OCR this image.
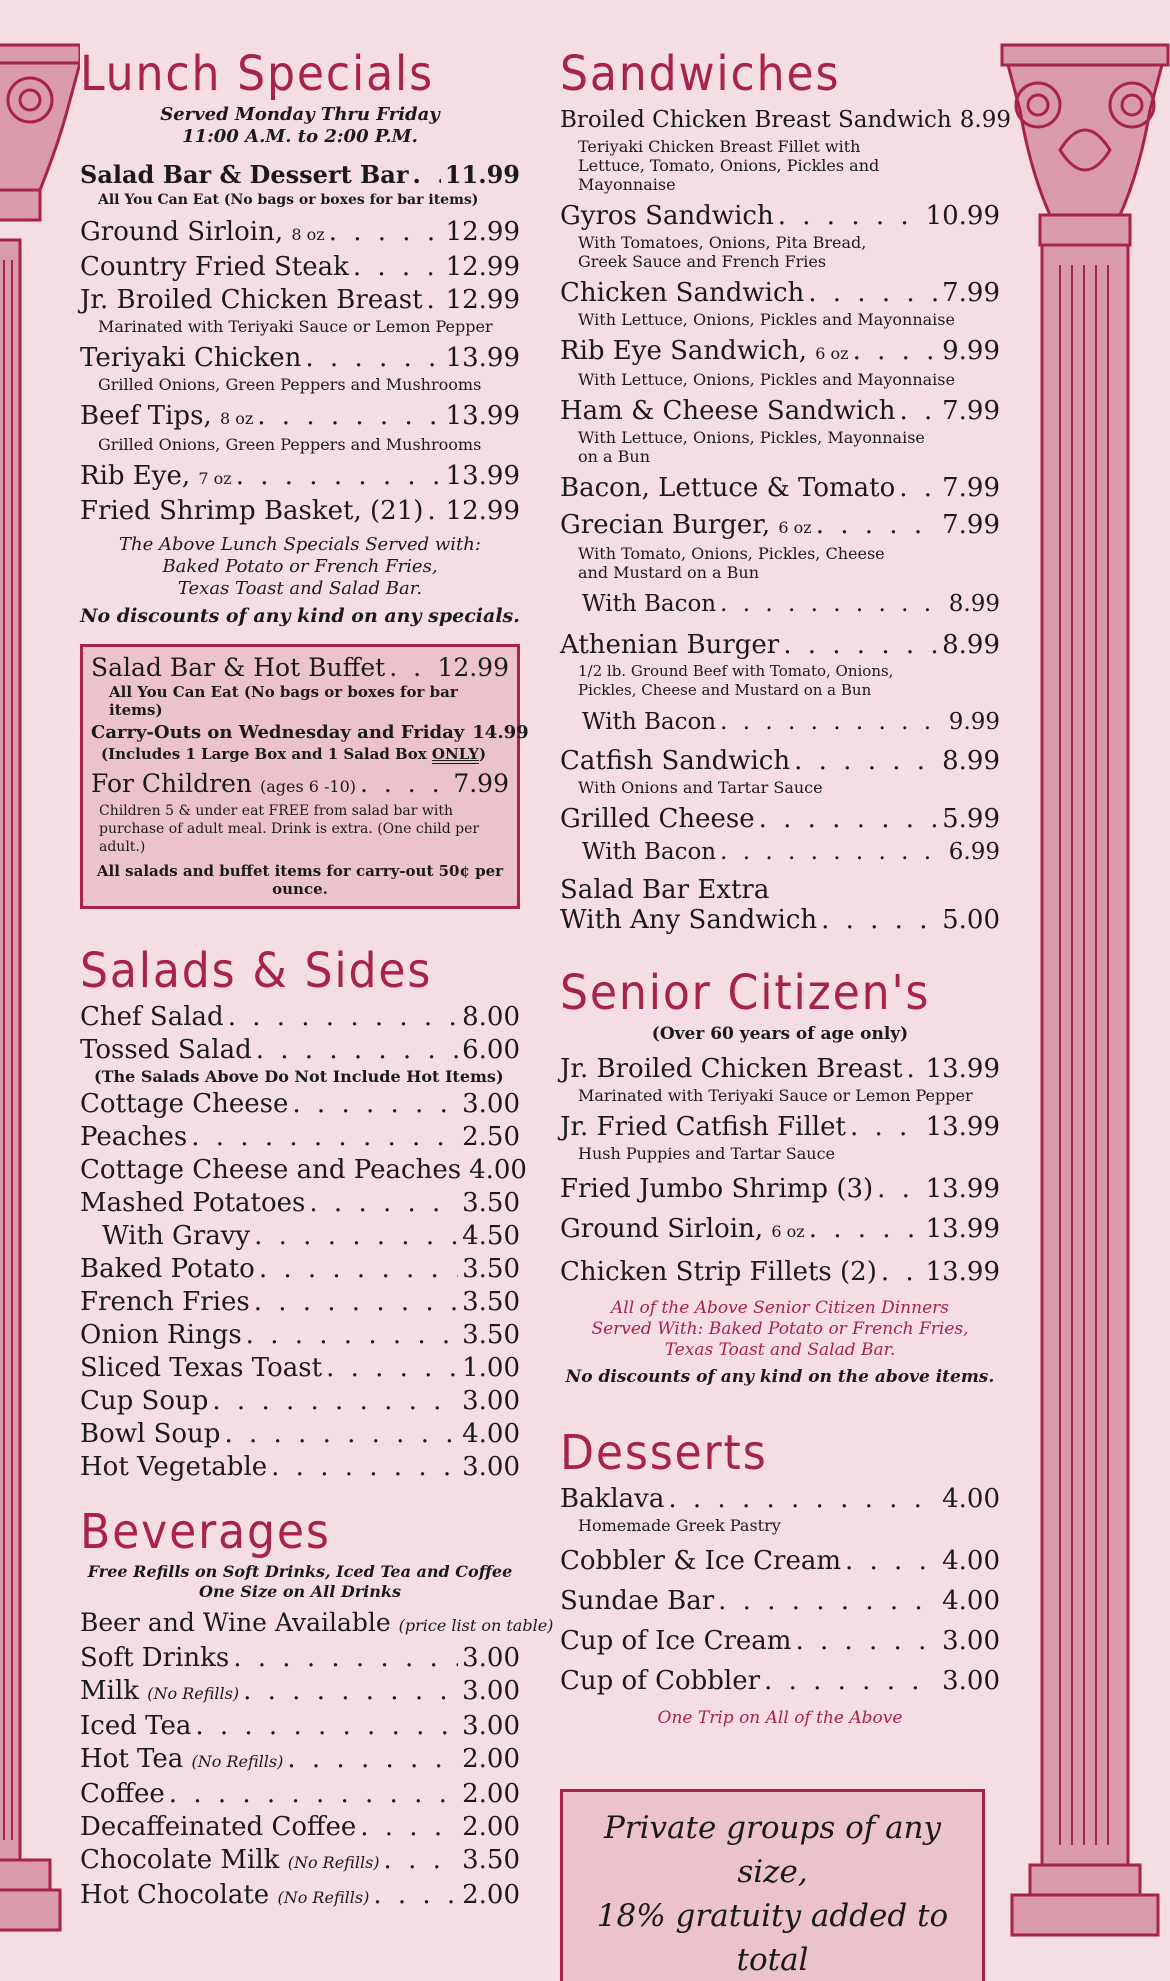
Lunch Specials
Served Monday Thru Friday
11:00 A.M. to 2:00 P.M.
Salad Bar & Dessert Bar . . . 11.99
All You Can Eat (No bags or boxes for bar items)
Ground Sirloin, 8 oz . . .	12.99
Country Fried Steak . . .	12.99
Jr. Broiled Chicken Breast . . . 12.99
Marinated with Teriyaki Sauce or Lemon Pepper
Teriyaki Chicken . . .	13.99
Grilled Onions, Green Peppers and Mushrooms
Beef Tips, 8 oz . . .	13.99
Grilled Onions, Green Peppers and Mushrooms
Rib Eye, 7 oz . . .	13.99
Fried Shrimp Basket, (21) . . . 12.99
The Above Lunch Specials Served with:
Baked Potato or French Fries,
Texas Toast and Salad Bar.
No discounts of any kind on any specials.
Salad Bar & Hot Buffet . . . 12.99
All You Can Eat (No bags or boxes for bar items)
Carry-Outs on Wednesday and Friday 14.99
(Includes 1 Large Box and 1 Salad Box ONLY)
For Children (ages 6 -10) . . .	7.99
Children 5 & under eat FREE from salad bar with purchase of adult meal. Drink is extra. (One child per adult.)
All salads and buffet items for carry-out 50¢ per ounce.
Salads & Sides
Chef Salad . . .	8.00
Tossed Salad . . .	6.00
(The Salads Above Do Not Include Hot Items)
Cottage Cheese . . .	3.00
Peaches . . .	2.50
Cottage Cheese and Peaches 4.00
Mashed Potatoes . . .	3.50
With Gravy . . .	4.50
Baked Potato . . .	3.50
French Fries . . .	3.50
Onion Rings . . .	3.50
Sliced Texas Toast . . .	1.00
Cup Soup . . .	3.00
Bowl Soup . . .	4.00
Hot Vegetable . . .	3.00
Beverages
Free Refills on Soft Drinks, Iced Tea and Coffee
One Size on All Drinks
Beer and Wine Available (price list on table)
Soft Drinks . . .	3.00
Milk (No Refills) . . .	3.00
Iced Tea . . .	3.00
Hot Tea (No Refills) . . .	2.00
Coffee . . .	2.00
Decaffeinated Coffee . . .	2.00
Chocolate Milk (No Refills) . . .	3.50
Hot Chocolate (No Refills) . . .	2.00
Sandwiches
Broiled Chicken Breast Sandwich 8.99
Teriyaki Chicken Breast Fillet with Lettuce, Tomato, Onions, Pickles and Mayonnaise
Gyros Sandwich . . .	10.99
With Tomatoes, Onions, Pita Bread, Greek Sauce and French Fries
Chicken Sandwich . . .	7.99
With Lettuce, Onions, Pickles and Mayonnaise
Rib Eye Sandwich, 6 oz . . .	9.99
With Lettuce, Onions, Pickles and Mayonnaise
Ham & Cheese Sandwich . . . 7.99
With Lettuce, Onions, Pickles, Mayonnaise on a Bun
Bacon, Lettuce & Tomato . . . 7.99
Grecian Burger, 6 oz . . .	7.99
With Tomato, Onions, Pickles, Cheese and Mustard on a Bun
With Bacon . . .	8.99
Athenian Burger . . .	8.99
1/2 lb. Ground Beef with Tomato, Onions, Pickles, Cheese and Mustard on a Bun
With Bacon . . .	9.99
Catfish Sandwich . . .	8.99
With Onions and Tartar Sauce
Grilled Cheese . . .	5.99
With Bacon . . .	6.99
Salad Bar Extra
With Any Sandwich . . .	5.00
Senior Citizen's
(Over 60 years of age only)
Jr. Broiled Chicken Breast . . . 13.99
Marinated with Teriyaki Sauce or Lemon Pepper
Jr. Fried Catfish Fillet . . .	13.99
Hush Puppies and Tartar Sauce
Fried Jumbo Shrimp (3) . . . 13.99
Ground Sirloin, 6 oz . . .	13.99
Chicken Strip Fillets (2) . . . 13.99
All of the Above Senior Citizen Dinners
Served With: Baked Potato or French Fries,
Texas Toast and Salad Bar.
No discounts of any kind on the above items.
Desserts
Baklava . . .	4.00
Homemade Greek Pastry
Cobbler & Ice Cream . . .	4.00
Sundae Bar . . .	4.00
Cup of Ice Cream . . .	3.00
Cup of Cobbler . . .	3.00
One Trip on All of the Above
Private groups of any size,
18% gratuity added to total
